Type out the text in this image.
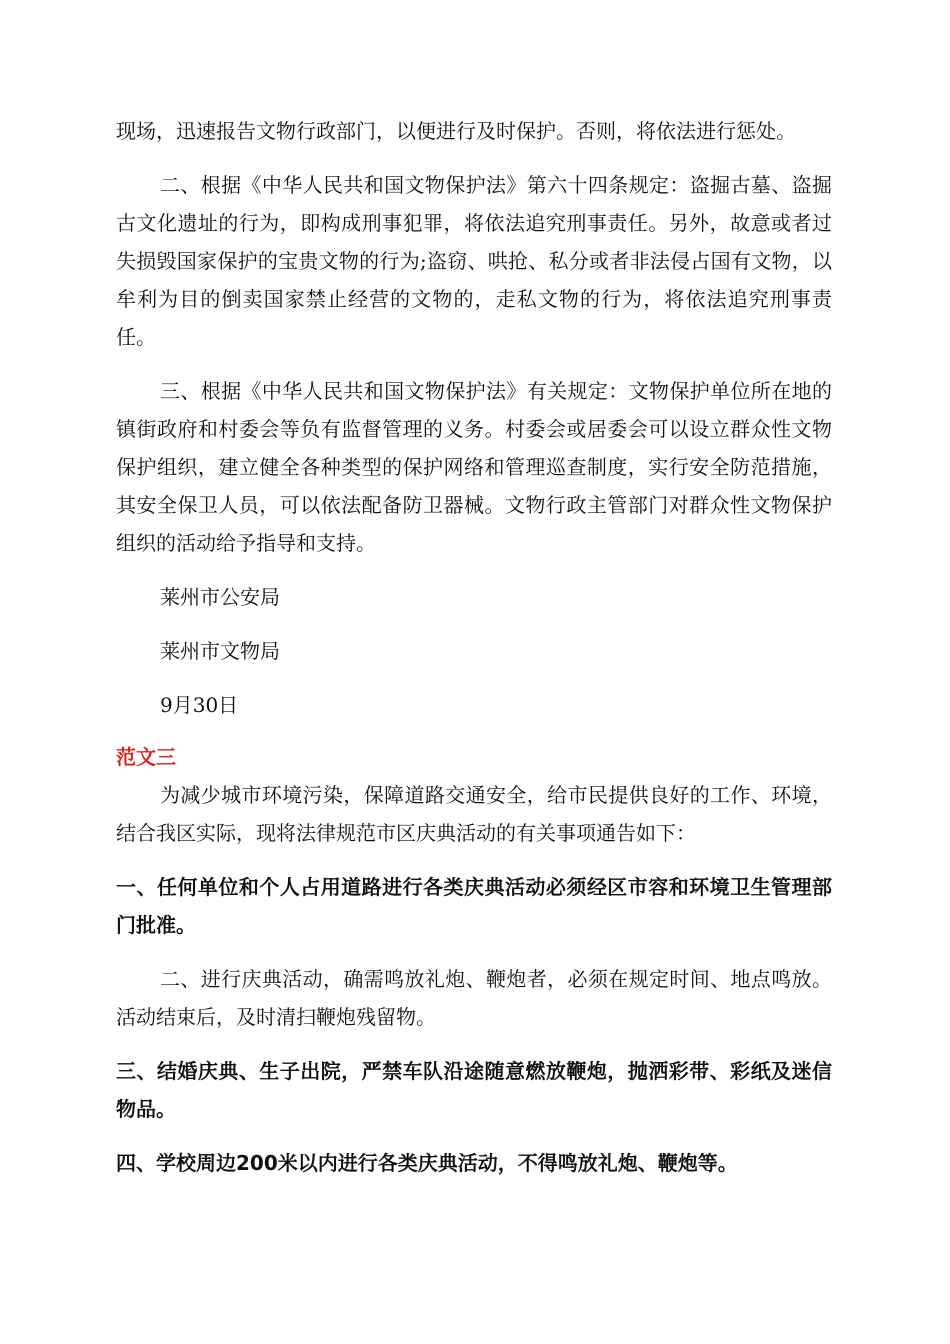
现场，迅速报告文物行政部门，以便进行及时保护。否则，将依法进行惩处。

二、根据《中华人民共和国文物保护法》第六十四条规定：盗掘古墓、盗掘古文化遗址的行为，即构成刑事犯罪，将依法追究刑事责任。另外，故意或者过失损毁国家保护的宝贵文物的行为;盗窃、哄抢、私分或者非法侵占国有文物，以牟利为目的倒卖国家禁止经营的文物的，走私文物的行为，将依法追究刑事责任。

三、根据《中华人民共和国文物保护法》有关规定：文物保护单位所在地的镇街政府和村委会等负有监督管理的义务。村委会或居委会可以设立群众性文物保护组织，建立健全各种类型的保护网络和管理巡查制度，实行安全防范措施，其安全保卫人员，可以依法配备防卫器械。文物行政主管部门对群众性文物保护组织的活动给予指导和支持。

莱州市公安局

莱州市文物局

9月30日

范文三

为减少城市环境污染，保障道路交通安全，给市民提供良好的工作、环境，结合我区实际，现将法律规范市区庆典活动的有关事项通告如下：

一、任何单位和个人占用道路进行各类庆典活动必须经区市容和环境卫生管理部门批准。

二、进行庆典活动，确需鸣放礼炮、鞭炮者，必须在规定时间、地点鸣放。活动结束后，及时清扫鞭炮残留物。

三、结婚庆典、生子出院，严禁车队沿途随意燃放鞭炮，抛洒彩带、彩纸及迷信物品。

四、学校周边200米以内进行各类庆典活动，不得鸣放礼炮、鞭炮等。
